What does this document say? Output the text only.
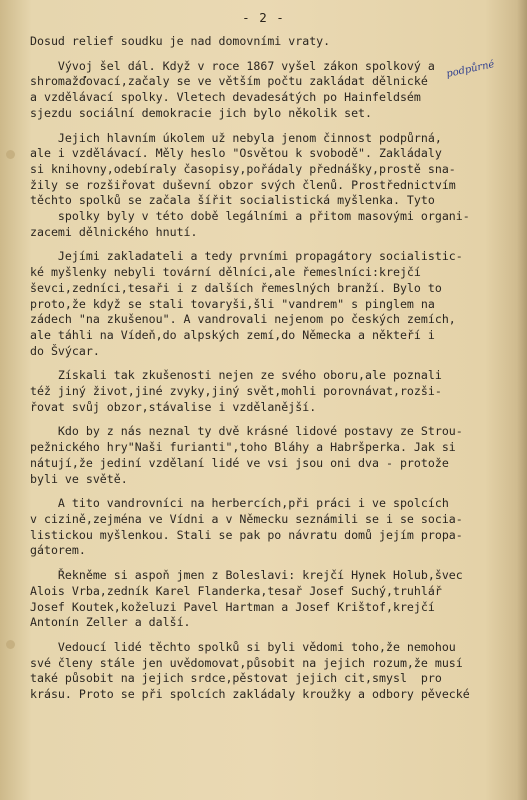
- 2 -
podpůrné
Dosud relief soudku je nad domovními vraty.
Vývoj šel dál. Když v roce 1867 vyšel zákon spolkový a
shromažďovací,začaly se ve větším počtu zakládat dělnické
a vzdělávací spolky. Vletech devadesátých po Hainfeldsém
sjezdu sociální demokracie jich bylo několik set.
Jejich hlavním úkolem už nebyla jenom činnost podpůrná,
ale i vzdělávací. Měly heslo "Osvětou k svobodě". Zakládaly
si knihovny,odebíraly časopisy,pořádaly přednášky,prostě sna-
žily se rozšiřovat duševní obzor svých členů. Prostřednictvím
těchto spolků se začala šířit socialistická myšlenka. Tyto
spolky byly v této době legálními a přitom masovými organi-
zacemi dělnického hnutí.
Jejími zakladateli a tedy prvními propagátory socialistic-
ké myšlenky nebyli tovární dělníci,ale řemeslníci:krejčí
ševci,zedníci,tesaři i z dalších řemeslných branží. Bylo to
proto,že když se stali tovaryši,šli "vandrem" s pinglem na
zádech "na zkušenou". A vandrovali nejenom po českých zemích,
ale táhli na Vídeň,do alpských zemí,do Německa a někteří i
do Švýcar.
Získali tak zkušenosti nejen ze svého oboru,ale poznali
též jiný život,jiné zvyky,jiný svět,mohli porovnávat,rozši-
řovat svůj obzor,stávalise i vzdělanější.
Kdo by z nás neznal ty dvě krásné lidové postavy ze Strou-
pežnického hry"Naši furianti",toho Bláhy a Habršperka. Jak si
nátují,že jediní vzdělaní lidé ve vsi jsou oni dva - protože
byli ve světě.
A tito vandrovníci na herbercích,při práci i ve spolcích
v cizině,zejména ve Vídni a v Německu seznámili se i se socia-
listickou myšlenkou. Stali se pak po návratu domů jejím propa-
gátorem.
Řekněme si aspoň jmen z Boleslavi: krejčí Hynek Holub,švec
Alois Vrba,zedník Karel Flanderka,tesař Josef Suchý,truhlář
Josef Koutek,koželuzi Pavel Hartman a Josef Krištof,krejčí
Antonín Zeller a další.
Vedoucí lidé těchto spolků si byli vědomi toho,že nemohou
své členy stále jen uvědomovat,působit na jejich rozum,že musí
také působit na jejich srdce,pěstovat jejich cit,smysl  pro
krásu. Proto se při spolcích zakládaly kroužky a odbory pěvecké
